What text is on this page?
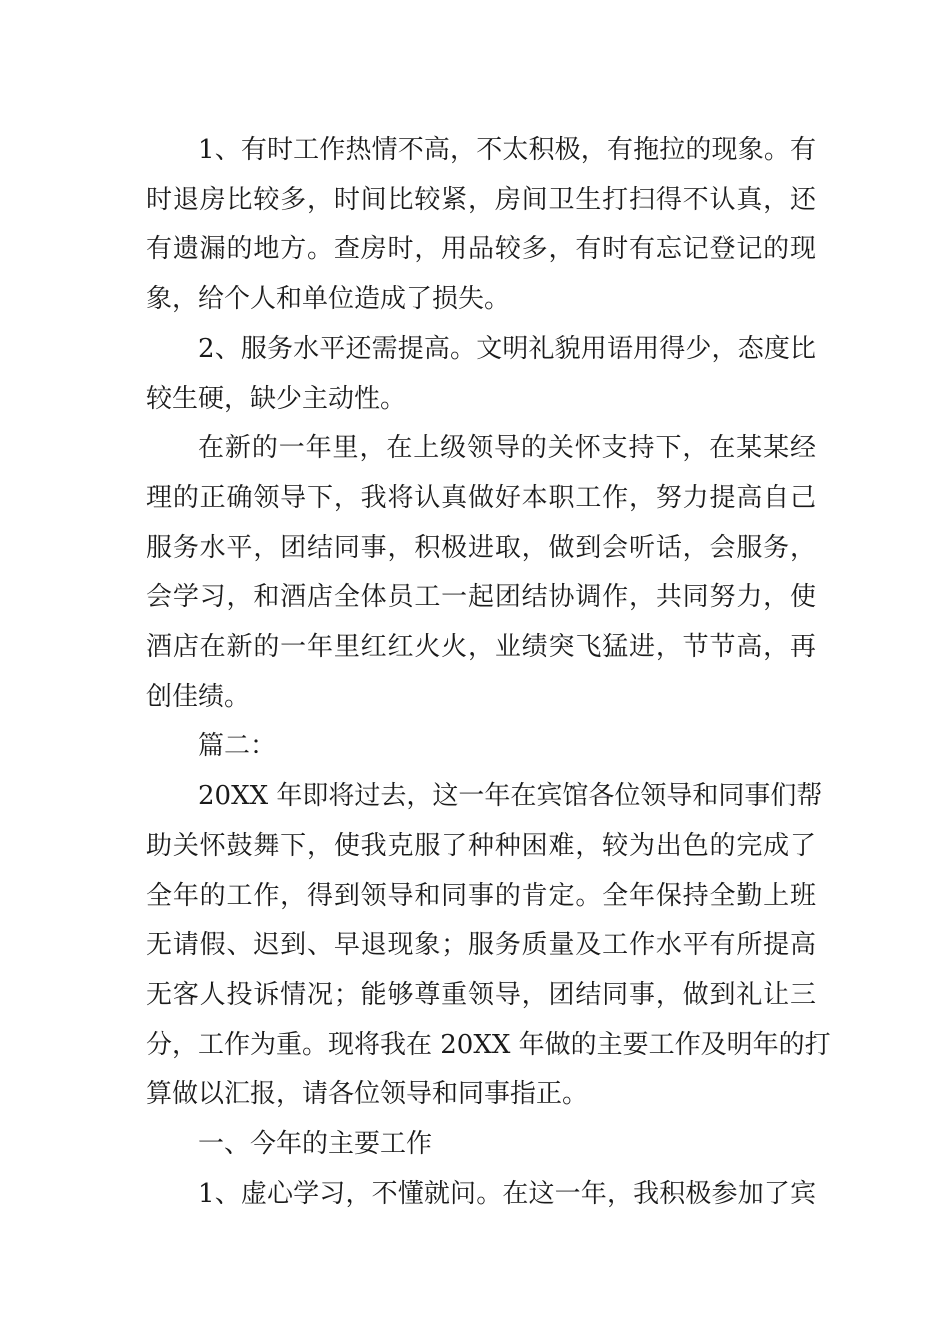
1、有时工作热情不高，不太积极，有拖拉的现象。有
时退房比较多，时间比较紧，房间卫生打扫得不认真，还
有遗漏的地方。查房时，用品较多，有时有忘记登记的现
象，给个人和单位造成了损失。
2、服务水平还需提高。文明礼貌用语用得少，态度比
较生硬，缺少主动性。
在新的一年里，在上级领导的关怀支持下，在某某经
理的正确领导下，我将认真做好本职工作，努力提高自己
服务水平，团结同事，积极进取，做到会听话，会服务，
会学习，和酒店全体员工一起团结协调作，共同努力，使
酒店在新的一年里红红火火，业绩突飞猛进，节节高，再
创佳绩。
篇二：
20XX 年即将过去，这一年在宾馆各位领导和同事们帮
助关怀鼓舞下，使我克服了种种困难，较为出色的完成了
全年的工作，得到领导和同事的肯定。全年保持全勤上班
无请假、迟到、早退现象；服务质量及工作水平有所提高
无客人投诉情况；能够尊重领导，团结同事，做到礼让三
分，工作为重。现将我在 20XX 年做的主要工作及明年的打
算做以汇报，请各位领导和同事指正。
一、今年的主要工作
1、虚心学习，不懂就问。在这一年，我积极参加了宾
